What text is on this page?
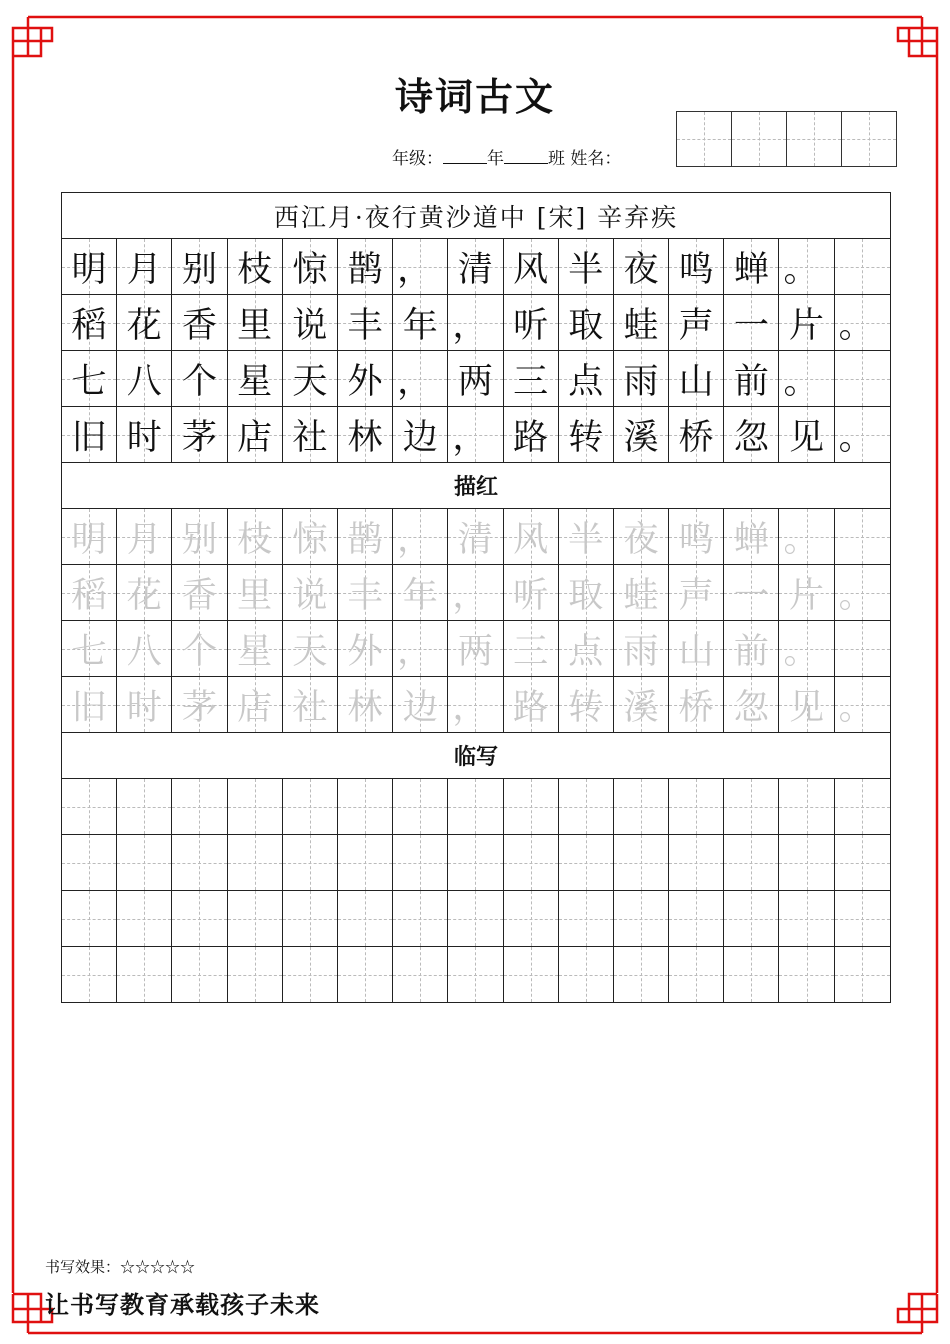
诗词古文
年级：	年	班 姓名：
西江月·夜行黄沙道中 [宋] 辛弃疾
明 月 别 枝 惊 鹊 ， 清 风 半 夜 鸣 蝉 。
稻 花 香 里 说 丰 年 ， 听 取 蛙 声 一 片 。
七 八 个 星 天 外 ， 两 三 点 雨 山 前 。
旧 时 茅 店 社 林 边 ， 路 转 溪 桥 忽 见 。
描红
明 月 别 枝 惊 鹊 ， 清 风 半 夜 鸣 蝉 。
稻 花 香 里 说 丰 年 ， 听 取 蛙 声 一 片 。
七 八 个 星 天 外 ， 两 三 点 雨 山 前 。
旧 时 茅 店 社 林 边 ， 路 转 溪 桥 忽 见 。
临写
书写效果：☆☆☆☆☆
让书写教育承载孩子未来
